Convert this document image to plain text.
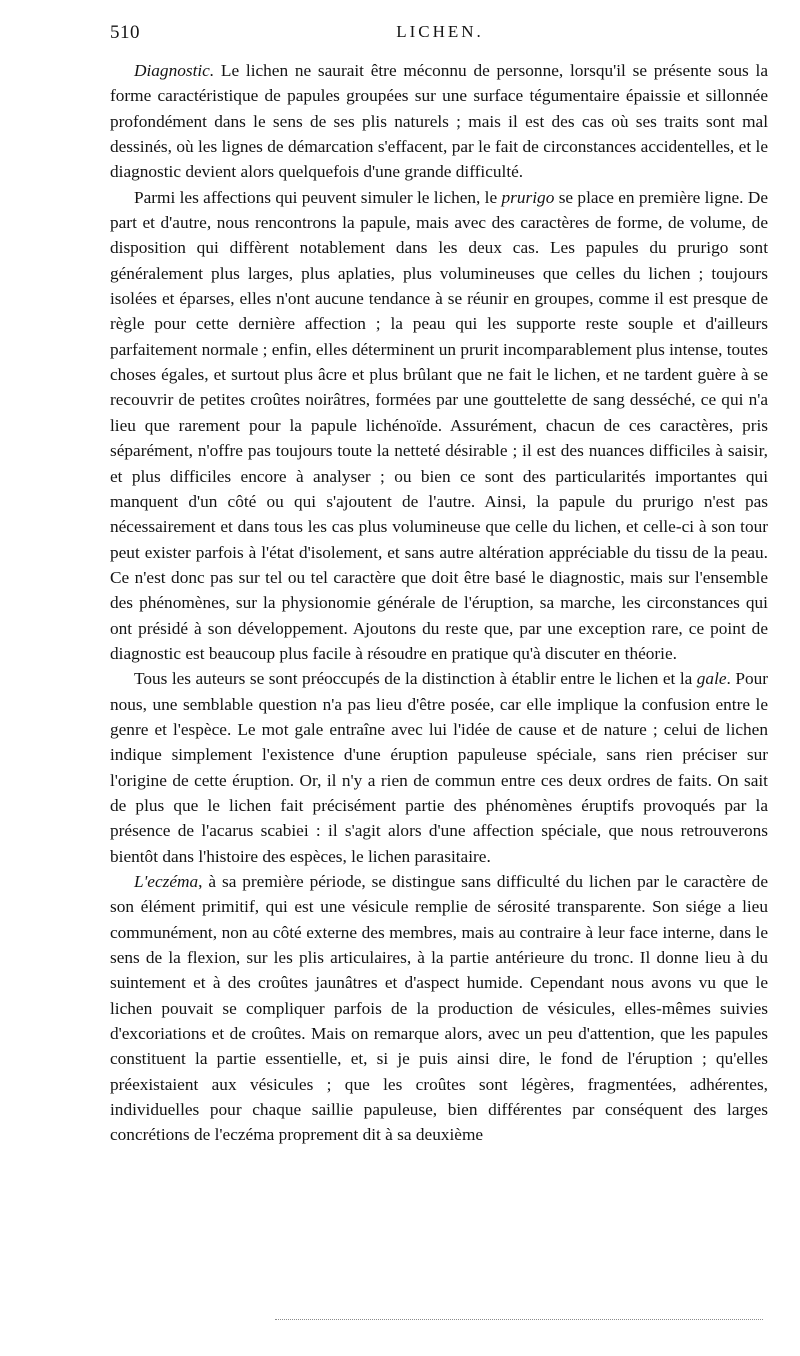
510	LICHEN.

Diagnostic. Le lichen ne saurait être méconnu de personne, lorsqu'il se présente sous la forme caractéristique de papules groupées sur une surface tégumentaire épaissie et sillonnée profondément dans le sens de ses plis naturels ; mais il est des cas où ses traits sont mal dessinés, où les lignes de démarcation s'effacent, par le fait de circonstances accidentelles, et le diagnostic devient alors quelquefois d'une grande difficulté.

Parmi les affections qui peuvent simuler le lichen, le prurigo se place en première ligne. De part et d'autre, nous rencontrons la papule, mais avec des caractères de forme, de volume, de disposition qui diffèrent notablement dans les deux cas. Les papules du prurigo sont généralement plus larges, plus aplaties, plus volumineuses que celles du lichen ; toujours isolées et éparses, elles n'ont aucune tendance à se réunir en groupes, comme il est presque de règle pour cette dernière affection ; la peau qui les supporte reste souple et d'ailleurs parfaitement normale ; enfin, elles déterminent un prurit incomparablement plus intense, toutes choses égales, et surtout plus âcre et plus brûlant que ne fait le lichen, et ne tardent guère à se recouvrir de petites croûtes noirâtres, formées par une gouttelette de sang desséché, ce qui n'a lieu que rarement pour la papule lichénoïde. Assurément, chacun de ces caractères, pris séparément, n'offre pas toujours toute la netteté désirable ; il est des nuances difficiles à saisir, et plus difficiles encore à analyser ; ou bien ce sont des particularités importantes qui manquent d'un côté ou qui s'ajoutent de l'autre. Ainsi, la papule du prurigo n'est pas nécessairement et dans tous les cas plus volumineuse que celle du lichen, et celle-ci à son tour peut exister parfois à l'état d'isolement, et sans autre altération appréciable du tissu de la peau. Ce n'est donc pas sur tel ou tel caractère que doit être basé le diagnostic, mais sur l'ensemble des phénomènes, sur la physionomie générale de l'éruption, sa marche, les circonstances qui ont présidé à son développement. Ajoutons du reste que, par une exception rare, ce point de diagnostic est beaucoup plus facile à résoudre en pratique qu'à discuter en théorie.

Tous les auteurs se sont préoccupés de la distinction à établir entre le lichen et la gale. Pour nous, une semblable question n'a pas lieu d'être posée, car elle implique la confusion entre le genre et l'espèce. Le mot gale entraîne avec lui l'idée de cause et de nature ; celui de lichen indique simplement l'existence d'une éruption papuleuse spéciale, sans rien préciser sur l'origine de cette éruption. Or, il n'y a rien de commun entre ces deux ordres de faits. On sait de plus que le lichen fait précisément partie des phénomènes éruptifs provoqués par la présence de l'acarus scabiei : il s'agit alors d'une affection spéciale, que nous retrouverons bientôt dans l'histoire des espèces, le lichen parasitaire.

L'eczéma, à sa première période, se distingue sans difficulté du lichen par le caractère de son élément primitif, qui est une vésicule remplie de sérosité transparente. Son siége a lieu communément, non au côté externe des membres, mais au contraire à leur face interne, dans le sens de la flexion, sur les plis articulaires, à la partie antérieure du tronc. Il donne lieu à du suintement et à des croûtes jaunâtres et d'aspect humide. Cependant nous avons vu que le lichen pouvait se compliquer parfois de la production de vésicules, elles-mêmes suivies d'excoriations et de croûtes. Mais on remarque alors, avec un peu d'attention, que les papules constituent la partie essentielle, et, si je puis ainsi dire, le fond de l'éruption ; qu'elles préexistaient aux vésicules ; que les croûtes sont légères, fragmentées, adhérentes, individuelles pour chaque saillie papuleuse, bien différentes par conséquent des larges concrétions de l'eczéma proprement dit à sa deuxième
